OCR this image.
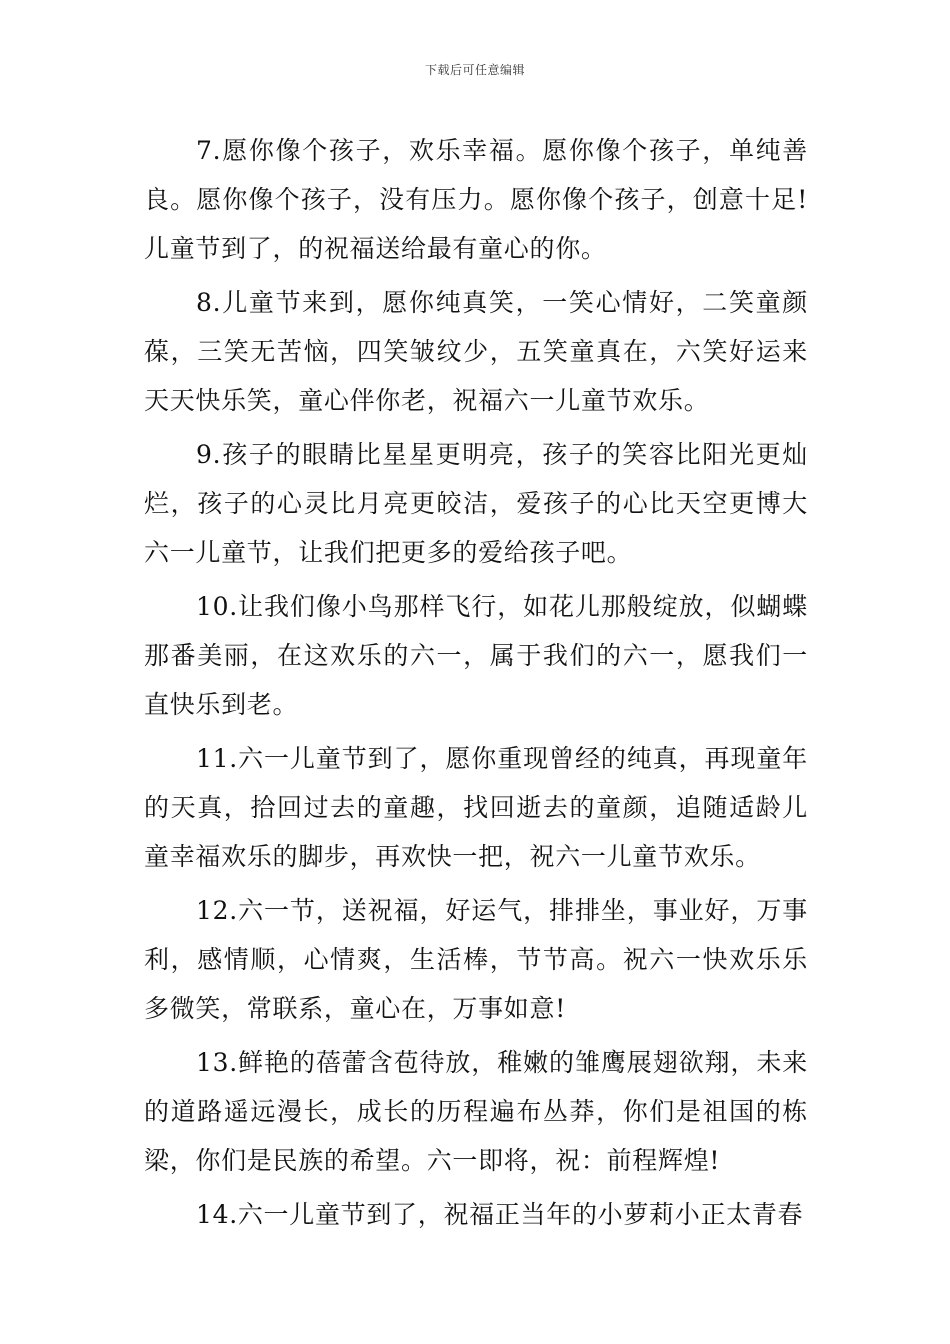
下载后可任意编辑

7.愿你像个孩子，欢乐幸福。愿你像个孩子，单纯善良。愿你像个孩子，没有压力。愿你像个孩子，创意十足!儿童节到了，的祝福送给最有童心的你。

8.儿童节来到，愿你纯真笑，一笑心情好，二笑童颜葆，三笑无苦恼，四笑皱纹少，五笑童真在，六笑好运来天天快乐笑，童心伴你老，祝福六一儿童节欢乐。

9.孩子的眼睛比星星更明亮，孩子的笑容比阳光更灿烂，孩子的心灵比月亮更皎洁，爱孩子的心比天空更博大六一儿童节，让我们把更多的爱给孩子吧。

10.让我们像小鸟那样飞行，如花儿那般绽放，似蝴蝶那番美丽，在这欢乐的六一，属于我们的六一，愿我们一直快乐到老。

11.六一儿童节到了，愿你重现曾经的纯真，再现童年的天真，拾回过去的童趣，找回逝去的童颜，追随适龄儿童幸福欢乐的脚步，再欢快一把，祝六一儿童节欢乐。

12.六一节，送祝福，好运气，排排坐，事业好，万事利，感情顺，心情爽，生活棒，节节高。祝六一快欢乐乐多微笑，常联系，童心在，万事如意!

13.鲜艳的蓓蕾含苞待放，稚嫩的雏鹰展翅欲翔，未来的道路遥远漫长，成长的历程遍布丛莽，你们是祖国的栋梁，你们是民族的希望。六一即将，祝：前程辉煌!

14.六一儿童节到了，祝福正当年的小萝莉小正太青春
